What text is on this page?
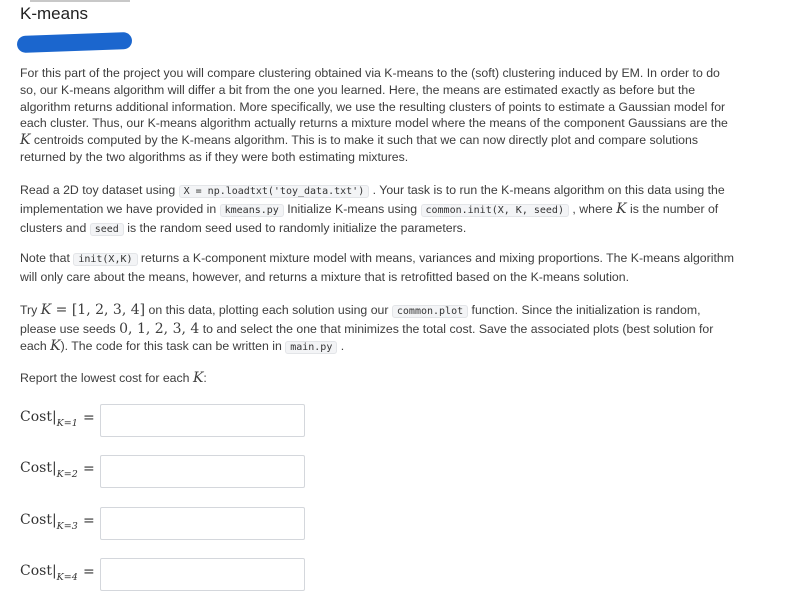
K-means

For this part of the project you will compare clustering obtained via K-means to the (soft) clustering induced by EM. In order to do so, our K-means algorithm will differ a bit from the one you learned. Here, the means are estimated exactly as before but the algorithm returns additional information. More specifically, we use the resulting clusters of points to estimate a Gaussian model for each cluster. Thus, our K-means algorithm actually returns a mixture model where the means of the component Gaussians are the K centroids computed by the K-means algorithm. This is to make it such that we can now directly plot and compare solutions returned by the two algorithms as if they were both estimating mixtures.

Read a 2D toy dataset using X = np.loadtxt('toy_data.txt') . Your task is to run the K-means algorithm on this data using the implementation we have provided in kmeans.py Initialize K-means using common.init(X, K, seed) , where K is the number of clusters and seed is the random seed used to randomly initialize the parameters.

Note that init(X,K) returns a K-component mixture model with means, variances and mixing proportions. The K-means algorithm will only care about the means, however, and returns a mixture that is retrofitted based on the K-means solution.

Try K = [1, 2, 3, 4] on this data, plotting each solution using our common.plot function. Since the initialization is random, please use seeds 0, 1, 2, 3, 4 to and select the one that minimizes the total cost. Save the associated plots (best solution for each K). The code for this task can be written in main.py .

Report the lowest cost for each K:

$Cost|_{K=1}$ =
$Cost|_{K=2}$ =
$Cost|_{K=3}$ =
$Cost|_{K=4}$ =
